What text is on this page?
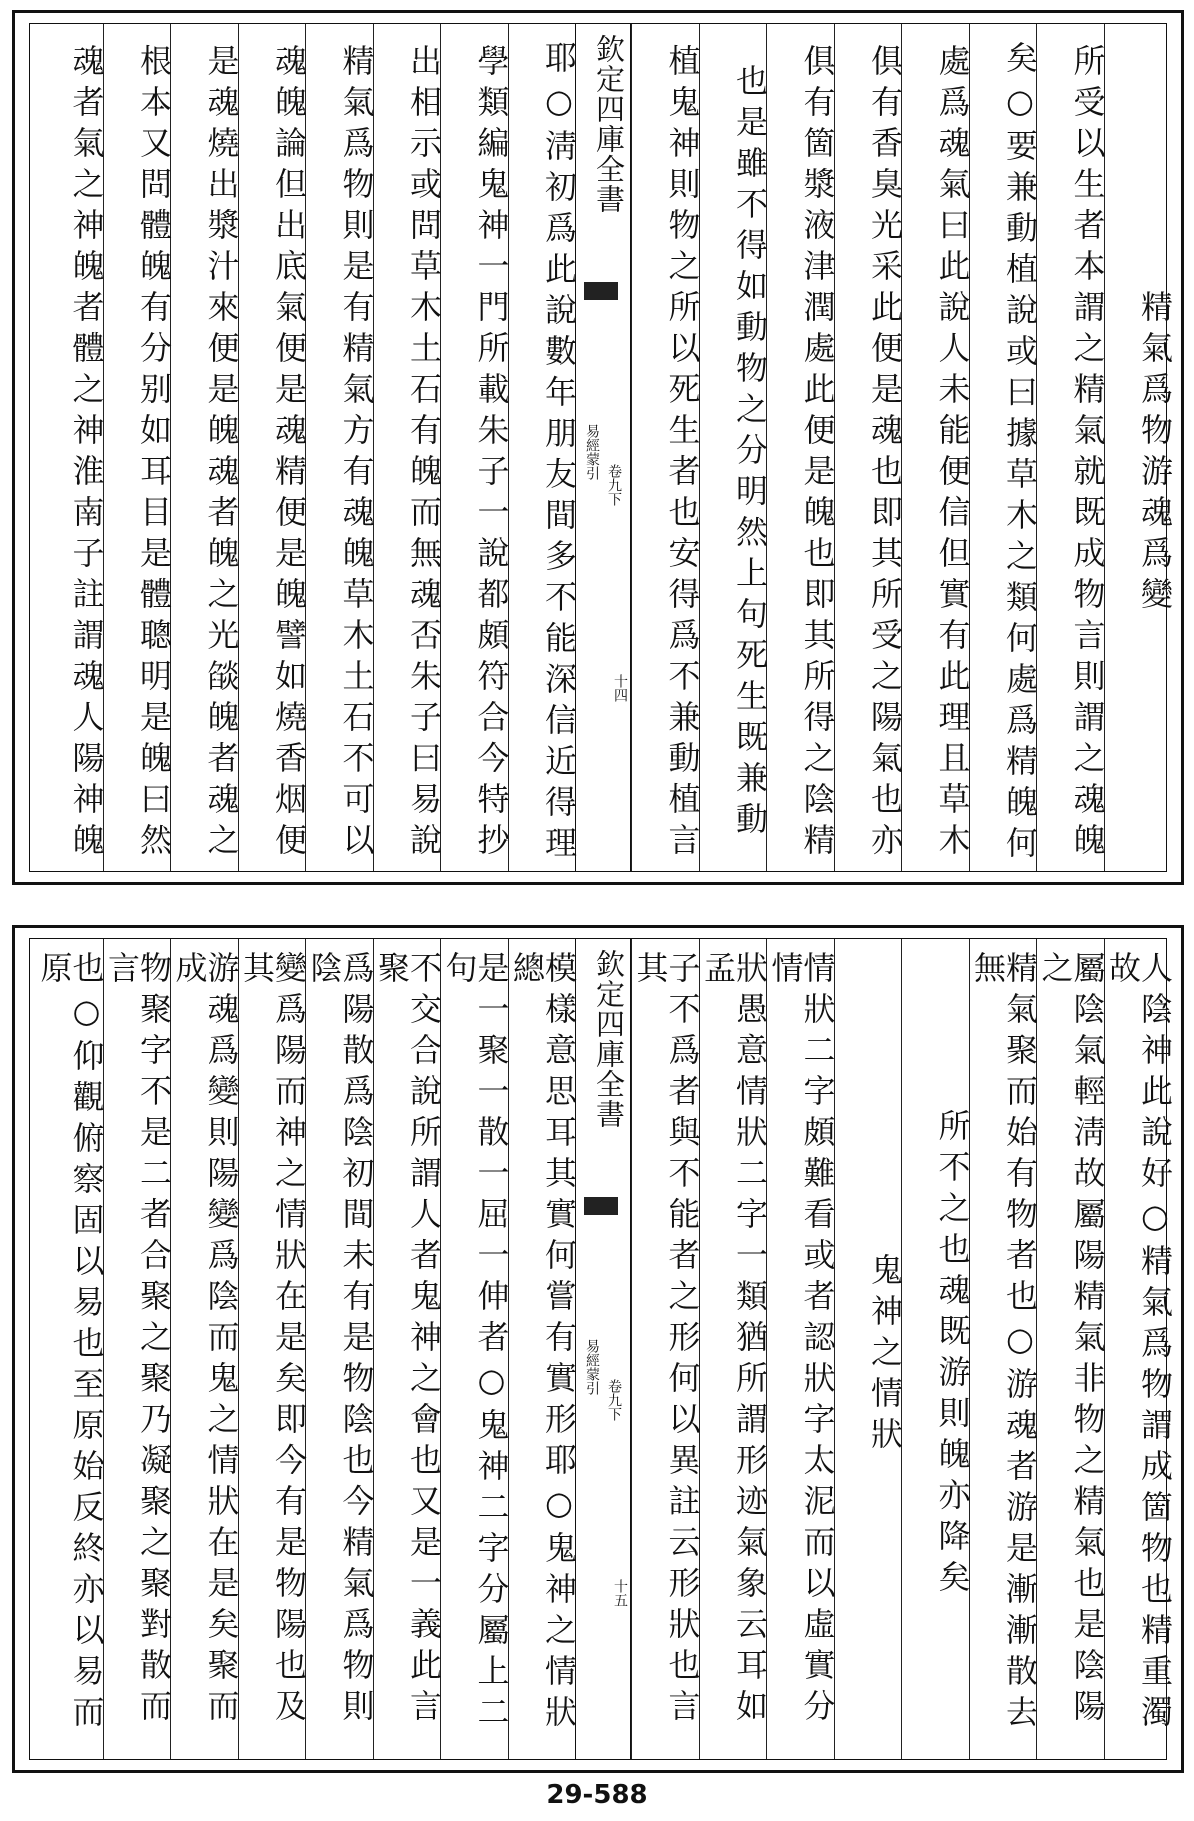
精氣爲物游魂爲變
所受以生者本謂之精氣就既成物言則謂之魂魄
矣○要兼動植說或曰據草木之類何處爲精魄何
處爲魂氣曰此說人未能便信但實有此理且草木
俱有香臭光采此便是魂也即其所受之陽氣也亦
俱有箇漿液津潤處此便是魄也即其所得之陰精
也是雖不得如動物之分明然上句死生既兼動
植鬼神則物之所以死生者也安得爲不兼動植言
欽定四庫全書
易經蒙引
卷九下
十四
耶○淸初爲此說數年朋友間多不能深信近得理
學類編鬼神一門所載朱子一說都頗符合今特抄
出相示或問草木土石有魄而無魂否朱子曰易說
精氣爲物則是有精氣方有魂魄草木土石不可以
魂魄論但出底氣便是魂精便是魄譬如燒香烟便
是魂燒出漿汁來便是魄魂者魄之光燄魄者魂之
根本又問體魄有分别如耳目是體聰明是魄曰然
魂者氣之神魄者體之神淮南子註謂魂人陽神魄
人陰神此說好○精氣爲物謂成箇物也精重濁故
屬陰氣輕淸故屬陽精氣非物之精氣也是陰陽之
精氣聚而始有物者也○游魂者游是漸漸散去無
所不之也魂既游則魄亦降矣
鬼神之情狀
情狀二字頗難看或者認狀字太泥而以虛實分情
狀愚意情狀二字一類猶所謂形迹氣象云耳如孟
子不爲者與不能者之形何以異註云形狀也言其
欽定四庫全書
易經蒙引
卷九下
十五
模樣意思耳其實何嘗有實形耶○鬼神之情狀總
是一聚一散一屈一伸者○鬼神二字分屬上二句
不交合說所謂人者鬼神之會也又是一義此言聚
爲陽散爲陰初間未有是物陰也今精氣爲物則陰
變爲陽而神之情狀在是矣即今有是物陽也及其
游魂爲變則陽變爲陰而鬼之情狀在是矣聚而成
物聚字不是二者合聚之聚乃凝聚之聚對散而言
也○仰觀俯察固以易也至原始反終亦以易而原
29-588
